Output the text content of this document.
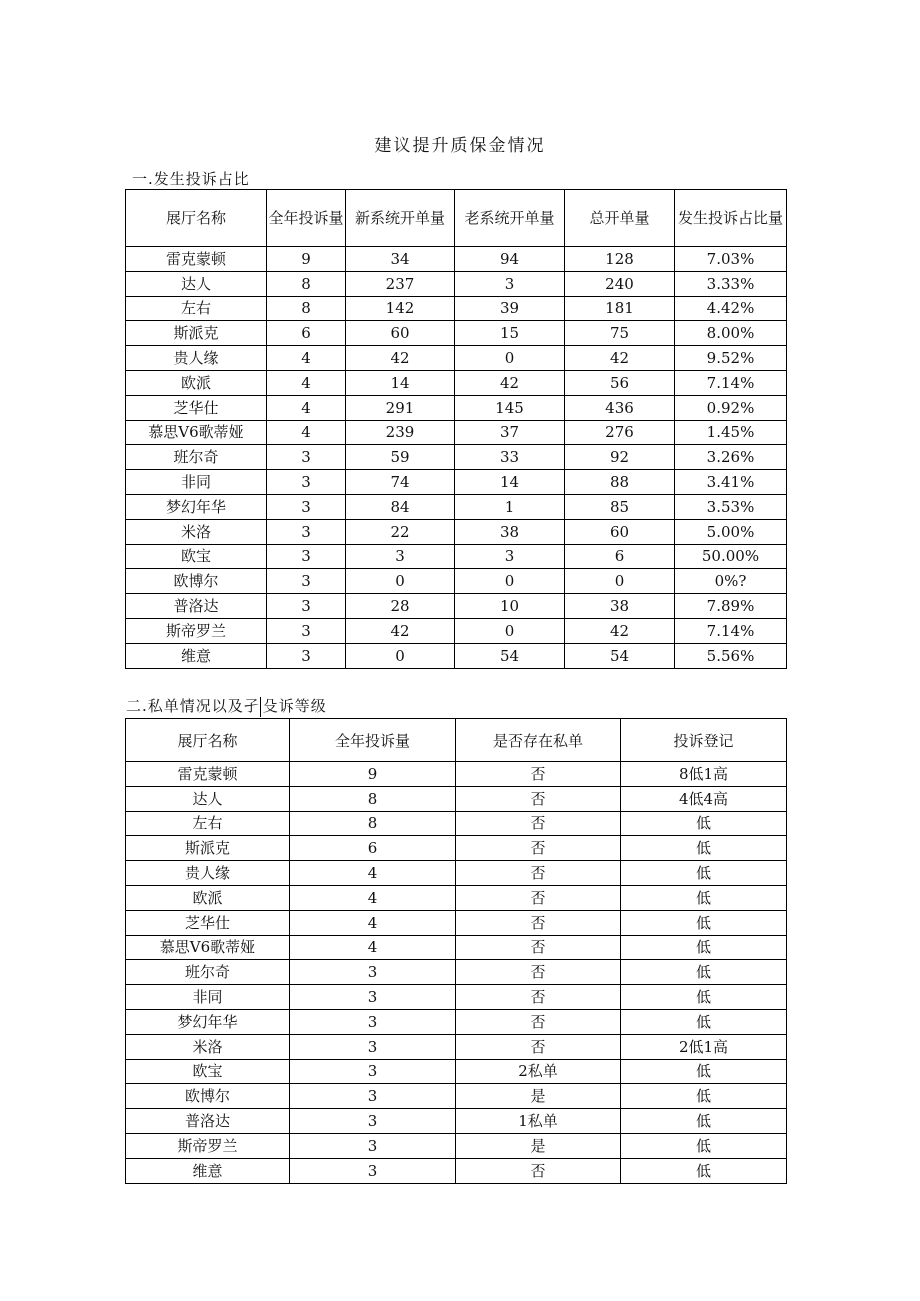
建议提升质保金情况
一.发生投诉占比
展厅名称	全年投诉量	新系统开单量	老系统开单量	总开单量	发生投诉占比量
雷克蒙顿	9	34	94	128	7.03%
达人	8	237	3	240	3.33%
左右	8	142	39	181	4.42%
斯派克	6	60	15	75	8.00%
贵人缘	4	42	0	42	9.52%
欧派	4	14	42	56	7.14%
芝华仕	4	291	145	436	0.92%
慕思V6歌蒂娅	4	239	37	276	1.45%
班尔奇	3	59	33	92	3.26%
非同	3	74	14	88	3.41%
梦幻年华	3	84	1	85	3.53%
米洛	3	22	38	60	5.00%
欧宝	3	3	3	6	50.00%
欧博尔	3	0	0	0	0%?
普洛达	3	28	10	38	7.89%
斯帝罗兰	3	42	0	42	7.14%
维意	3	0	54	54	5.56%
二.私单情况以及孑 殳诉等级
展厅名称	全年投诉量	是否存在私单	投诉登记
雷克蒙顿	9	否	8低1高
达人	8	否	4低4高
左右	8	否	低
斯派克	6	否	低
贵人缘	4	否	低
欧派	4	否	低
芝华仕	4	否	低
慕思V6歌蒂娅	4	否	低
班尔奇	3	否	低
非同	3	否	低
梦幻年华	3	否	低
米洛	3	否	2低1高
欧宝	3	2私单	低
欧博尔	3	是	低
普洛达	3	1私单	低
斯帝罗兰	3	是	低
维意	3	否	低
